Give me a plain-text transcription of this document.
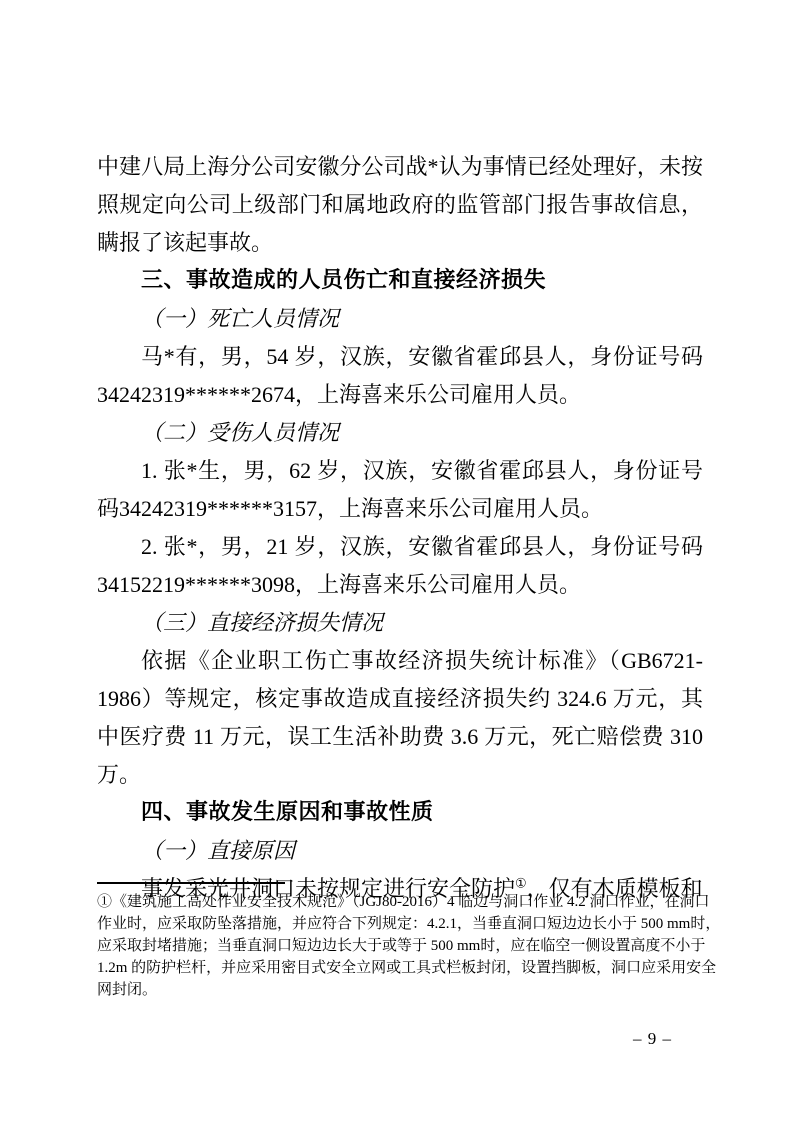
中建八局上海分公司安徽分公司战*认为事情已经处理好，未按照规定向公司上级部门和属地政府的监管部门报告事故信息，瞒报了该起事故。

三、事故造成的人员伤亡和直接经济损失

（一）死亡人员情况

马*有，男，54 岁，汉族，安徽省霍邱县人，身份证号码34242319******2674，上海喜来乐公司雇用人员。

（二）受伤人员情况

1. 张*生，男，62 岁，汉族，安徽省霍邱县人，身份证号码34242319******3157，上海喜来乐公司雇用人员。

2. 张*，男，21 岁，汉族，安徽省霍邱县人，身份证号码34152219******3098，上海喜来乐公司雇用人员。

（三）直接经济损失情况

依据《企业职工伤亡事故经济损失统计标准》（GB6721-1986）等规定，核定事故造成直接经济损失约 324.6 万元，其中医疗费 11 万元，误工生活补助费 3.6 万元，死亡赔偿费 310 万。

四、事故发生原因和事故性质

（一）直接原因

事发采光井洞口未按规定进行安全防护①，仅有木质模板和

①《建筑施工高处作业安全技术规范》（JGJ80-2016）4 临边与洞口作业 4.2 洞口作业，在洞口
作业时，应采取防坠落措施，并应符合下列规定：4.2.1，当垂直洞口短边边长小于 500 mm时，
应采取封堵措施；当垂直洞口短边边长大于或等于 500 mm时，应在临空一侧设置高度不小于
1.2m 的防护栏杆，并应采用密目式安全立网或工具式栏板封闭，设置挡脚板，洞口应采用安全
网封闭。
– 9 –
